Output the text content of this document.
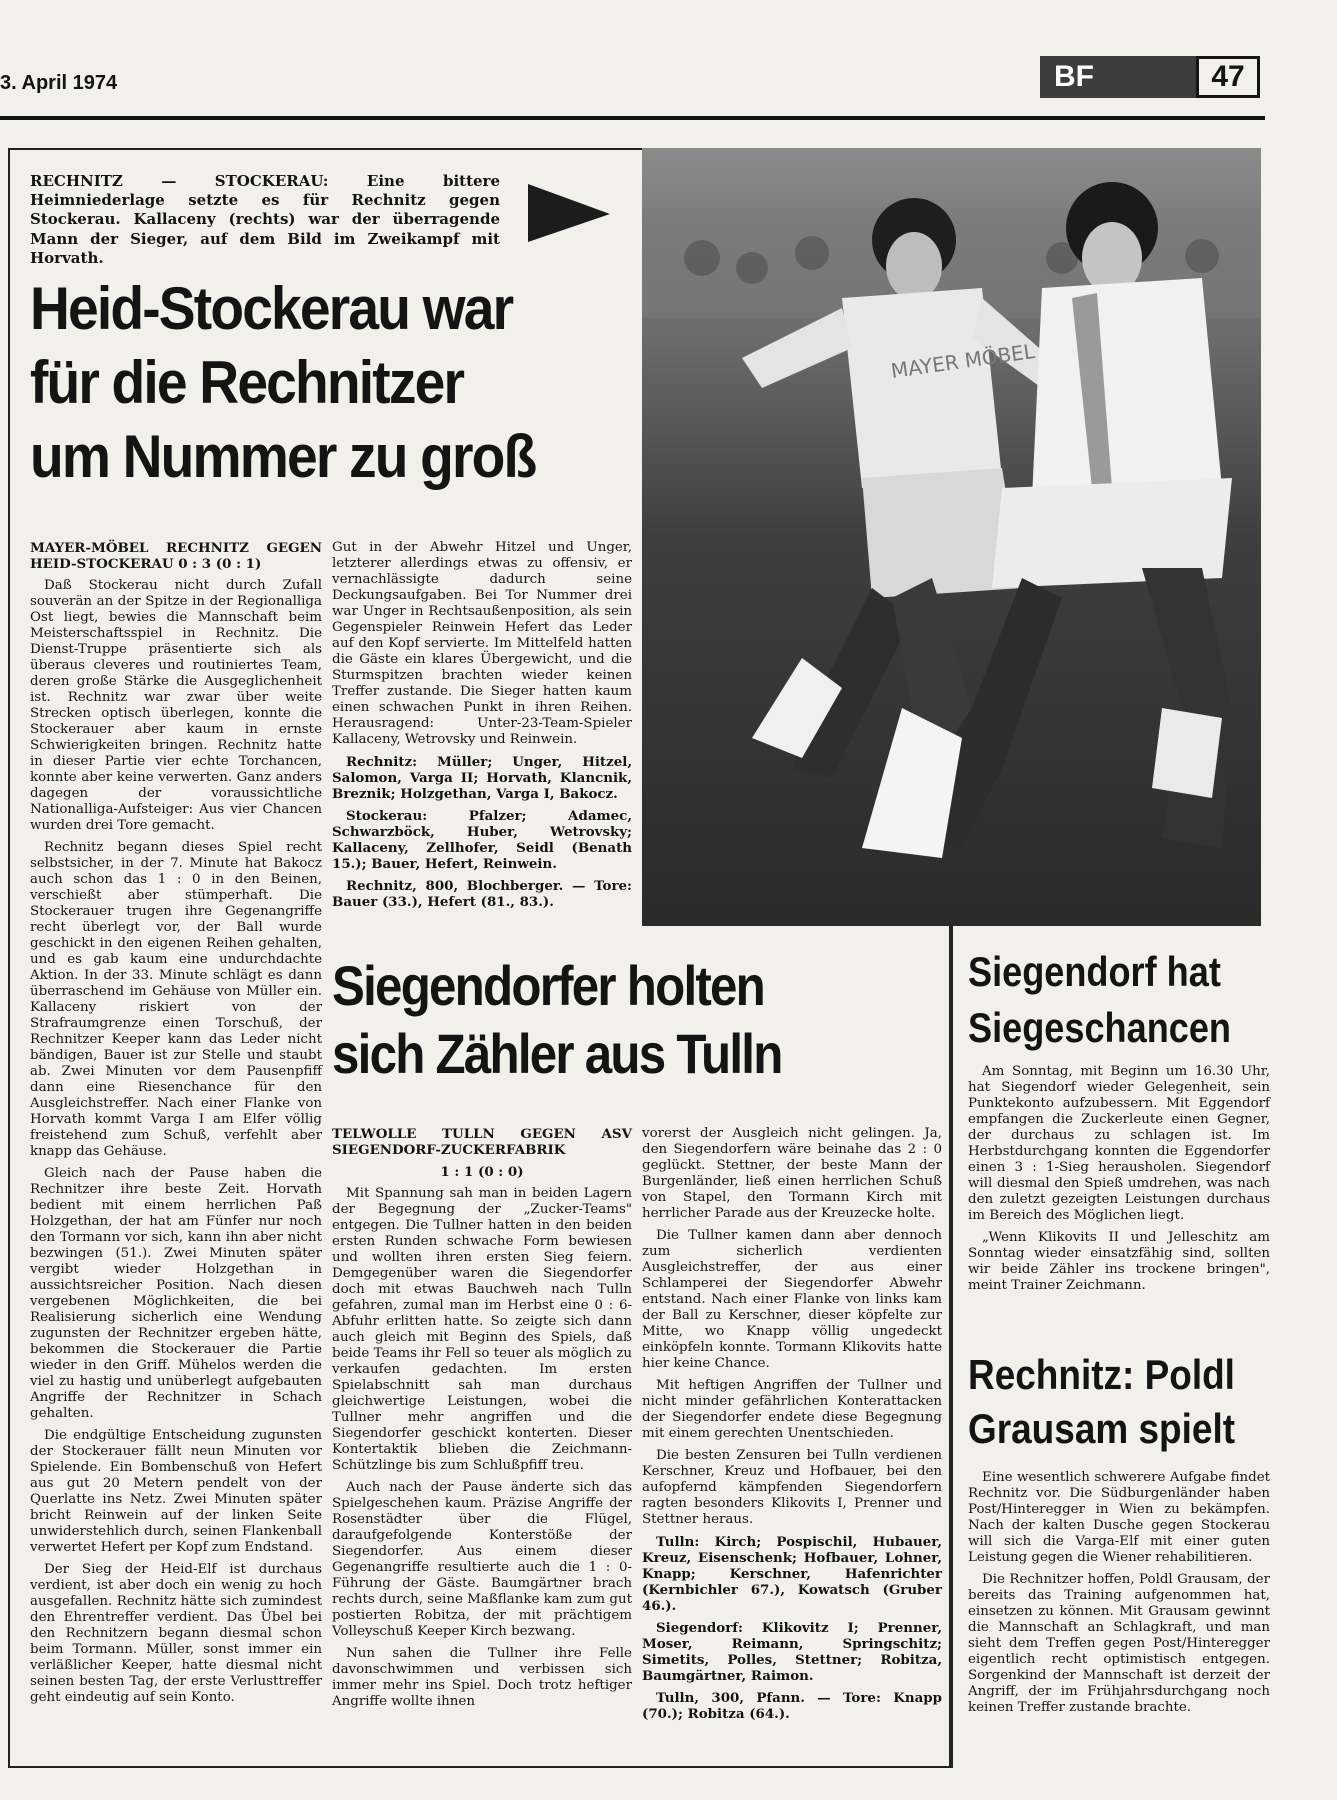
3. April 1974	BF	47
MAYER MÖBEL
RECHNITZ — STOCKERAU: Eine bittere Heimniederlage setzte es für Rechnitz gegen Stockerau. Kallaceny (rechts) war der überragende Mann der Sieger, auf dem Bild im Zweikampf mit Horvath.
Heid-Stockerau war
für die Rechnitzer
um Nummer zu groß

MAYER-MÖBEL RECHNITZ GEGEN HEID-STOCKERAU 0 : 3 (0 : 1)

Daß Stockerau nicht durch Zufall souverän an der Spitze in der Regionalliga Ost liegt, bewies die Mannschaft beim Meisterschaftsspiel in Rechnitz. Die Dienst-Truppe präsentierte sich als überaus cleveres und routiniertes Team, deren große Stärke die Ausgeglichenheit ist. Rechnitz war zwar über weite Strecken optisch überlegen, konnte die Stockerauer aber kaum in ernste Schwierigkeiten bringen. Rechnitz hatte in dieser Partie vier echte Torchancen, konnte aber keine verwerten. Ganz anders dagegen der voraussichtliche Nationalliga-Aufsteiger: Aus vier Chancen wurden drei Tore gemacht.

Rechnitz begann dieses Spiel recht selbstsicher, in der 7. Minute hat Bakocz auch schon das 1 : 0 in den Beinen, verschießt aber stümperhaft. Die Stockerauer trugen ihre Gegenangriffe recht überlegt vor, der Ball wurde geschickt in den eigenen Reihen gehalten, und es gab kaum eine undurchdachte Aktion. In der 33. Minute schlägt es dann überraschend im Gehäuse von Müller ein. Kallaceny riskiert von der Strafraumgrenze einen Torschuß, der Rechnitzer Keeper kann das Leder nicht bändigen, Bauer ist zur Stelle und staubt ab. Zwei Minuten vor dem Pausenpfiff dann eine Riesenchance für den Ausgleichstreffer. Nach einer Flanke von Horvath kommt Varga I am Elfer völlig freistehend zum Schuß, verfehlt aber knapp das Gehäuse.

Gleich nach der Pause haben die Rechnitzer ihre beste Zeit. Horvath bedient mit einem herrlichen Paß Holzgethan, der hat am Fünfer nur noch den Tormann vor sich, kann ihn aber nicht bezwingen (51.). Zwei Minuten später vergibt wieder Holzgethan in aussichtsreicher Position. Nach diesen vergebenen Möglichkeiten, die bei Realisierung sicherlich eine Wendung zugunsten der Rechnitzer ergeben hätte, bekommen die Stockerauer die Partie wieder in den Griff. Mühelos werden die viel zu hastig und unüberlegt aufgebauten Angriffe der Rechnitzer in Schach gehalten.

Die endgültige Entscheidung zugunsten der Stockerauer fällt neun Minuten vor Spielende. Ein Bombenschuß von Hefert aus gut 20 Metern pendelt von der Querlatte ins Netz. Zwei Minuten später bricht Reinwein auf der linken Seite unwiderstehlich durch, seinen Flankenball verwertet Hefert per Kopf zum Endstand.

Der Sieg der Heid-Elf ist durchaus verdient, ist aber doch ein wenig zu hoch ausgefallen. Rechnitz hätte sich zumindest den Ehrentreffer verdient. Das Übel bei den Rechnitzern begann diesmal schon beim Tormann. Müller, sonst immer ein verläßlicher Keeper, hatte diesmal nicht seinen besten Tag, der erste Verlusttreffer geht eindeutig auf sein Konto.

Gut in der Abwehr Hitzel und Unger, letzterer allerdings etwas zu offensiv, er vernachlässigte dadurch seine Deckungsaufgaben. Bei Tor Nummer drei war Unger in Rechtsaußenposition, als sein Gegenspieler Reinwein Hefert das Leder auf den Kopf servierte. Im Mittelfeld hatten die Gäste ein klares Übergewicht, und die Sturmspitzen brachten wieder keinen Treffer zustande. Die Sieger hatten kaum einen schwachen Punkt in ihren Reihen. Herausragend: Unter-23-Team-Spieler Kallaceny, Wetrovsky und Reinwein.

Rechnitz: Müller; Unger, Hitzel, Salomon, Varga II; Horvath, Klancnik, Breznik; Holzgethan, Varga I, Bakocz.

Stockerau: Pfalzer; Adamec, Schwarzböck, Huber, Wetrovsky; Kallaceny, Zellhofer, Seidl (Benath 15.); Bauer, Hefert, Reinwein.

Rechnitz, 800, Blochberger. — Tore: Bauer (33.), Hefert (81., 83.).

Siegendorfer holten
sich Zähler aus Tulln

TELWOLLE TULLN GEGEN ASV SIEGENDORF-ZUCKERFABRIK

1 : 1 (0 : 0)

Mit Spannung sah man in beiden Lagern der Begegnung der „Zucker-Teams" entgegen. Die Tullner hatten in den beiden ersten Runden schwache Form bewiesen und wollten ihren ersten Sieg feiern. Demgegenüber waren die Siegendorfer doch mit etwas Bauchweh nach Tulln gefahren, zumal man im Herbst eine 0 : 6-Abfuhr erlitten hatte. So zeigte sich dann auch gleich mit Beginn des Spiels, daß beide Teams ihr Fell so teuer als möglich zu verkaufen gedachten. Im ersten Spielabschnitt sah man durchaus gleichwertige Leistungen, wobei die Tullner mehr angriffen und die Siegendorfer geschickt konterten. Dieser Kontertaktik blieben die Zeichmann-Schützlinge bis zum Schlußpfiff treu.

Auch nach der Pause änderte sich das Spielgeschehen kaum. Präzise Angriffe der Rosenstädter über die Flügel, daraufgefolgende Konterstöße der Siegendorfer. Aus einem dieser Gegenangriffe resultierte auch die 1 : 0-Führung der Gäste. Baumgärtner brach rechts durch, seine Maßflanke kam zum gut postierten Robitza, der mit prächtigem Volleyschuß Keeper Kirch bezwang.

Nun sahen die Tullner ihre Felle davonschwimmen und verbissen sich immer mehr ins Spiel. Doch trotz heftiger Angriffe wollte ihnen

vorerst der Ausgleich nicht gelingen. Ja, den Siegendorfern wäre beinahe das 2 : 0 geglückt. Stettner, der beste Mann der Burgenländer, ließ einen herrlichen Schuß von Stapel, den Tormann Kirch mit herrlicher Parade aus der Kreuzecke holte.

Die Tullner kamen dann aber dennoch zum sicherlich verdienten Ausgleichstreffer, der aus einer Schlamperei der Siegendorfer Abwehr entstand. Nach einer Flanke von links kam der Ball zu Kerschner, dieser köpfelte zur Mitte, wo Knapp völlig ungedeckt einköpfeln konnte. Tormann Klikovits hatte hier keine Chance.

Mit heftigen Angriffen der Tullner und nicht minder gefährlichen Konterattacken der Siegendorfer endete diese Begegnung mit einem gerechten Unentschieden.

Die besten Zensuren bei Tulln verdienen Kerschner, Kreuz und Hofbauer, bei den aufopfernd kämpfenden Siegendorfern ragten besonders Klikovits I, Prenner und Stettner heraus.

Tulln: Kirch; Pospischil, Hubauer, Kreuz, Eisenschenk; Hofbauer, Lohner, Knapp; Kerschner, Hafenrichter (Kernbichler 67.), Kowatsch (Gruber 46.).

Siegendorf: Klikovitz I; Prenner, Moser, Reimann, Springschitz; Simetits, Polles, Stettner; Robitza, Baumgärtner, Raimon.

Tulln, 300, Pfann. — Tore: Knapp (70.); Robitza (64.).

Siegendorf hat
Siegeschancen

Am Sonntag, mit Beginn um 16.30 Uhr, hat Siegendorf wieder Gelegenheit, sein Punktekonto aufzubessern. Mit Eggendorf empfangen die Zuckerleute einen Gegner, der durchaus zu schlagen ist. Im Herbstdurchgang konnten die Eggendorfer einen 3 : 1-Sieg herausholen. Siegendorf will diesmal den Spieß umdrehen, was nach den zuletzt gezeigten Leistungen durchaus im Bereich des Möglichen liegt.

„Wenn Klikovits II und Jelleschitz am Sonntag wieder einsatzfähig sind, sollten wir beide Zähler ins trockene bringen", meint Trainer Zeichmann.

Rechnitz: Poldl
Grausam spielt

Eine wesentlich schwerere Aufgabe findet Rechnitz vor. Die Südburgenländer haben Post/Hinteregger in Wien zu bekämpfen. Nach der kalten Dusche gegen Stockerau will sich die Varga-Elf mit einer guten Leistung gegen die Wiener rehabilitieren.

Die Rechnitzer hoffen, Poldl Grausam, der bereits das Training aufgenommen hat, einsetzen zu können. Mit Grausam gewinnt die Mannschaft an Schlagkraft, und man sieht dem Treffen gegen Post/Hinteregger eigentlich recht optimistisch entgegen. Sorgenkind der Mannschaft ist derzeit der Angriff, der im Frühjahrsdurchgang noch keinen Treffer zustande brachte.
